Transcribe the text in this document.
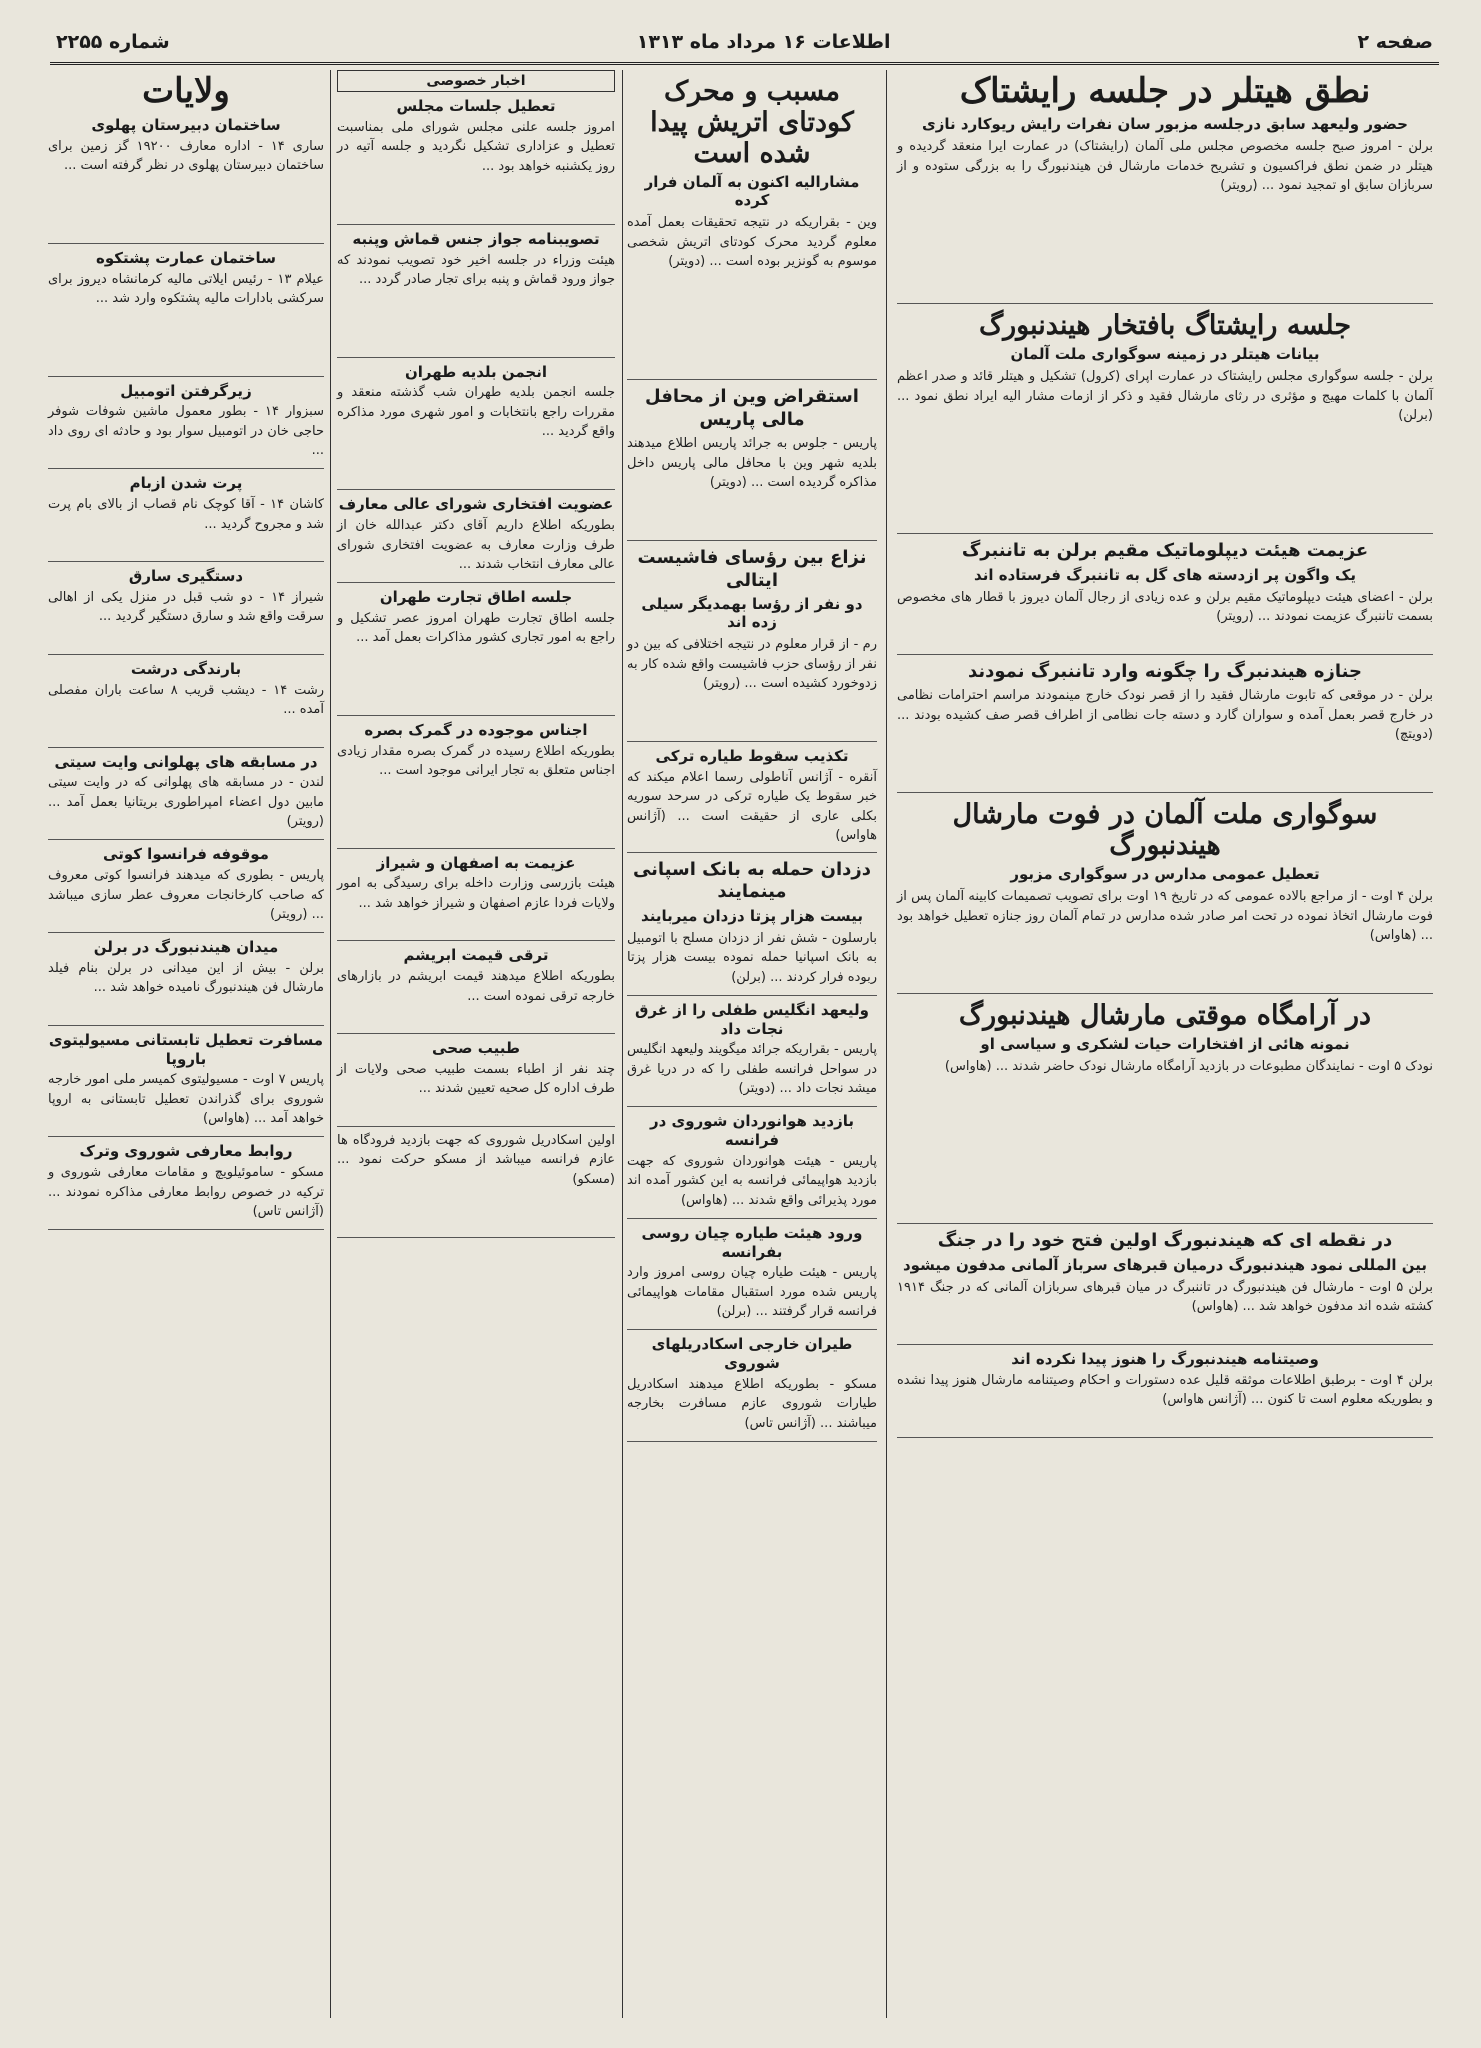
صفحه ۲
اطلاعات ۱۶ مرداد ماه ۱۳۱۳
شماره ۲۲۵۵
نطق هیتلر در جلسه رایشتاک
حضور ولیعهد سابق درجلسه مزبور سان نفرات رایش ریوکارد نازی

برلن - امروز صبح جلسه مخصوص مجلس ملی آلمان (رایشتاک) در عمارت ایرا منعقد گردیده و هیتلر در ضمن نطق فراکسیون و تشریح خدمات مارشال فن هیندنبورگ را به بزرگی ستوده و از سربازان سابق او تمجید نمود ... (رویتر)

جلسه رایشتاگ بافتخار هیندنبورگ
بیانات هیتلر در زمینه سوگواری ملت آلمان

برلن - جلسه سوگواری مجلس رایشتاک در عمارت اپرای (کرول) تشکیل و هیتلر قائد و صدر اعظم آلمان با کلمات مهیج و مؤثری در رثای مارشال فقید و ذکر از ازمات مشار الیه ایراد نطق نمود ... (برلن)

عزیمت هیئت دیپلوماتیک مقیم برلن به تاننبرگ
یک واگون پر ازدسته های گل به تاننبرگ فرستاده اند

برلن - اعضای هیئت دیپلوماتیک مقیم برلن و عده زیادی از رجال آلمان دیروز با قطار های مخصوص بسمت تاننبرگ عزیمت نمودند ... (رویتر)

جنازه هیندنبرگ را چگونه وارد تاننبرگ نمودند

برلن - در موقعی که تابوت مارشال فقید را از قصر نودک خارج مینمودند مراسم احترامات نظامی در خارج قصر بعمل آمده و سواران گارد و دسته جات نظامی از اطراف قصر صف کشیده بودند ... (دویتچ)

سوگواری ملت آلمان در فوت مارشال هیندنبورگ
تعطیل عمومی مدارس در سوگواری مزبور

برلن ۴ اوت - از مراجع بالاده عمومی که در تاریخ ۱۹ اوت برای تصویب تصمیمات کابینه آلمان پس از فوت مارشال اتخاذ نموده در تحت امر صادر شده مدارس در تمام آلمان روز جنازه تعطیل خواهد بود ... (هاواس)

در آرامگاه موقتی مارشال هیندنبورگ
نمونه هائی از افتخارات حیات لشکری و سیاسی او

نودک ۵ اوت - نمایندگان مطبوعات در بازدید آرامگاه مارشال نودک حاضر شدند ... (هاواس)

در نقطه ای که هیندنبورگ اولین فتح خود را در جنگ
بین المللی نمود هیندنبورگ درمیان قبرهای سرباز آلمانی مدفون میشود

برلن ۵ اوت - مارشال فن هیندنبورگ در تاننبرگ در میان قبرهای سربازان آلمانی که در جنگ ۱۹۱۴ کشته شده اند مدفون خواهد شد ... (هاواس)

وصیتنامه هیندنبورگ را هنوز پیدا نکرده اند

برلن ۴ اوت - برطبق اطلاعات موثقه قلیل عده دستورات و احکام وصیتنامه مارشال هنوز پیدا نشده و بطوریکه معلوم است تا کنون ... (آژانس هاواس)

مسبب و محرک کودتای اتریش پیدا شده است
مشارالیه اکنون به آلمان فرار کرده

وین - بقراریکه در نتیجه تحقیقات بعمل آمده معلوم گردید محرک کودتای اتریش شخصی موسوم به گونزیر بوده است ... (دویتر)

استقراض وین از محافل مالی پاریس

پاریس - جلوس به جرائد پاریس اطلاع میدهند بلدیه شهر وین با محافل مالی پاریس داخل مذاکره گردیده است ... (دویتر)

نزاع بین رؤسای فاشیست ایتالی
دو نفر از رؤسا بهمدیگر سیلی زده اند

رم - از قرار معلوم در نتیجه اختلافی که بین دو نفر از رؤسای حزب فاشیست واقع شده کار به زدوخورد کشیده است ... (رویتر)

تکذیب سقوط طیاره ترکی

آنقره - آژانس آناطولی رسما اعلام میکند که خبر سقوط یک طیاره ترکی در سرحد سوریه بکلی عاری از حقیقت است ... (آژانس هاواس)

دزدان حمله به بانک اسپانی مینمایند
بیست هزار پزتا دزدان میربایند

بارسلون - شش نفر از دزدان مسلح با اتومبیل به بانک اسپانیا حمله نموده بیست هزار پزتا ربوده فرار کردند ... (برلن)

ولیعهد انگلیس طفلی را از غرق نجات داد

پاریس - بقراریکه جرائد میگویند ولیعهد انگلیس در سواحل فرانسه طفلی را که در دریا غرق میشد نجات داد ... (دویتر)

بازدید هوانوردان شوروی در فرانسه

پاریس - هیئت هوانوردان شوروی که جهت بازدید هواپیمائی فرانسه به این کشور آمده اند مورد پذیرائی واقع شدند ... (هاواس)

ورود هیئت طیاره چیان روسی بفرانسه

پاریس - هیئت طیاره چیان روسی امروز وارد پاریس شده مورد استقبال مقامات هواپیمائی فرانسه قرار گرفتند ... (برلن)

طیران خارجی اسکادریلهای شوروی

مسکو - بطوریکه اطلاع میدهند اسکادریل طیارات شوروی عازم مسافرت بخارجه میباشند ... (آژانس تاس)

اخبار خصوصی
تعطیل جلسات مجلس

امروز جلسه علنی مجلس شورای ملی بمناسبت تعطیل و عزاداری تشکیل نگردید و جلسه آتیه در روز یکشنبه خواهد بود ...

تصویبنامه جواز جنس قماش وپنبه

هیئت وزراء در جلسه اخیر خود تصویب نمودند که جواز ورود قماش و پنبه برای تجار صادر گردد ...

انجمن بلدیه طهران

جلسه انجمن بلدیه طهران شب گذشته منعقد و مقررات راجع بانتخابات و امور شهری مورد مذاکره واقع گردید ...

عضویت افتخاری شورای عالی معارف

بطوریکه اطلاع داریم آقای دکتر عبدالله خان از طرف وزارت معارف به عضویت افتخاری شورای عالی معارف انتخاب شدند ...

جلسه اطاق تجارت طهران

جلسه اطاق تجارت طهران امروز عصر تشکیل و راجع به امور تجاری کشور مذاکرات بعمل آمد ...

اجناس موجوده در گمرک بصره

بطوریکه اطلاع رسیده در گمرک بصره مقدار زیادی اجناس متعلق به تجار ایرانی موجود است ...

عزیمت به اصفهان و شیراز

هیئت بازرسی وزارت داخله برای رسیدگی به امور ولایات فردا عازم اصفهان و شیراز خواهد شد ...

ترقی قیمت ابریشم

بطوریکه اطلاع میدهند قیمت ابریشم در بازارهای خارجه ترقی نموده است ...

طبیب صحی

چند نفر از اطباء بسمت طبیب صحی ولایات از طرف اداره کل صحیه تعیین شدند ...

اولین اسکادریل شوروی که جهت بازدید فرودگاه ها عازم فرانسه میباشد از مسکو حرکت نمود ... (مسکو)

ولایات
ساختمان دبیرستان پهلوی

ساری ۱۴ - اداره معارف ۱۹۲۰۰ گز زمین برای ساختمان دبیرستان پهلوی در نظر گرفته است ...

ساختمان عمارت پشتکوه

عیلام ۱۳ - رئیس ایلاتی مالیه کرمانشاه دیروز برای سرکشی بادارات مالیه پشتکوه وارد شد ...

زیرگرفتن اتومبیل

سبزوار ۱۴ - بطور معمول ماشین شوفات شوفر حاجی خان در اتومبیل سوار بود و حادثه ای روی داد ...

پرت شدن ازبام

کاشان ۱۴ - آقا کوچک نام قصاب از بالای بام پرت شد و مجروح گردید ...

دستگیری سارق

شیراز ۱۴ - دو شب قبل در منزل یکی از اهالی سرقت واقع شد و سارق دستگیر گردید ...

بارندگی درشت

رشت ۱۴ - دیشب قریب ۸ ساعت باران مفصلی آمده ...

در مسابقه های پهلوانی وایت سیتی

لندن - در مسابقه های پهلوانی که در وایت سیتی مابین دول اعضاء امپراطوری بریتانیا بعمل آمد ... (رویتر)

موقوفه فرانسوا کوتی

پاریس - بطوری که میدهند فرانسوا کوتی معروف که صاحب کارخانجات معروف عطر سازی میباشد ... (رویتر)

میدان هیندنبورگ در برلن

برلن - بیش از این میدانی در برلن بنام فیلد مارشال فن هیندنبورگ نامیده خواهد شد ...

مسافرت تعطیل تابستانی مسیولیتوی باروپا

پاریس ۷ اوت - مسیولیتوی کمیسر ملی امور خارجه شوروی برای گذراندن تعطیل تابستانی به اروپا خواهد آمد ... (هاواس)

روابط معارفی شوروی وترک

مسکو - ساموئیلویچ و مقامات معارفی شوروی و ترکیه در خصوص روابط معارفی مذاکره نمودند ... (آژانس تاس)
